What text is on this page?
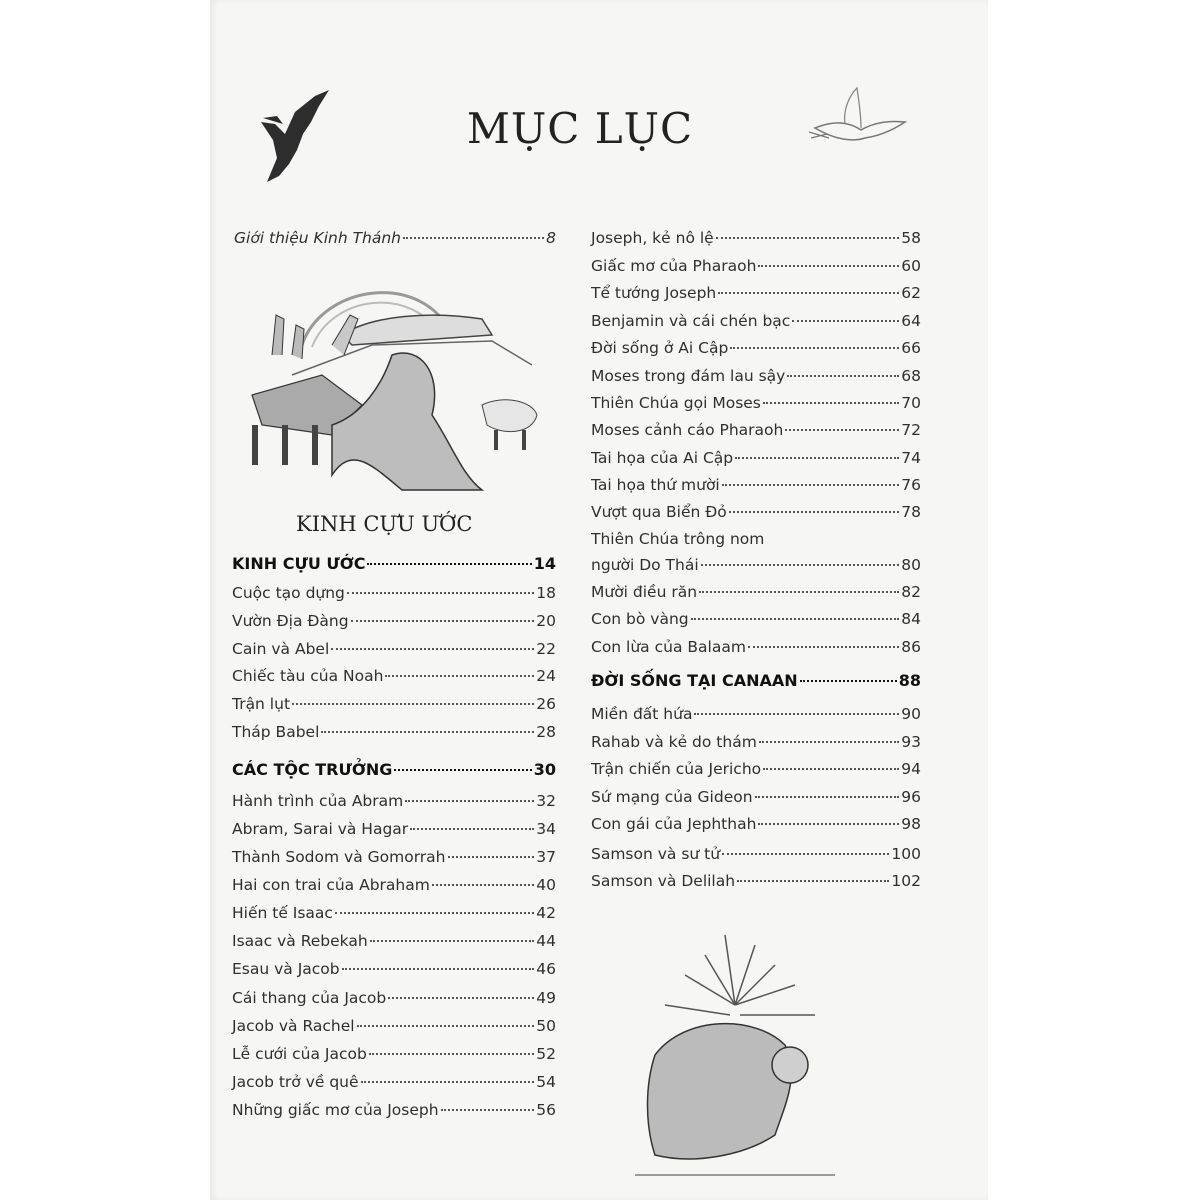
MỤC LỤC
KINH CỰU ƯỚC
Giới thiệu Kinh Thánh	8
KINH CỰU ƯỚC	14
Cuộc tạo dựng	18
Vườn Địa Đàng	20
Cain và Abel	22
Chiếc tàu của Noah	24
Trận lụt	26
Tháp Babel	28
CÁC TỘC TRƯỞNG	30
Hành trình của Abram	32
Abram, Sarai và Hagar	34
Thành Sodom và Gomorrah	37
Hai con trai của Abraham	40
Hiến tế Isaac	42
Isaac và Rebekah	44
Esau và Jacob	46
Cái thang của Jacob	49
Jacob và Rachel	50
Lễ cưới của Jacob	52
Jacob trở về quê	54
Những giấc mơ của Joseph	56
Joseph, kẻ nô lệ	58
Giấc mơ của Pharaoh	60
Tể tướng Joseph	62
Benjamin và cái chén bạc	64
Đời sống ở Ai Cập	66
Moses trong đám lau sậy	68
Thiên Chúa gọi Moses	70
Moses cảnh cáo Pharaoh	72
Tai họa của Ai Cập	74
Tai họa thứ mười	76
Vượt qua Biển Đỏ	78
Thiên Chúa trông nom
người Do Thái	80
Mười điều răn	82
Con bò vàng	84
Con lừa của Balaam	86
ĐỜI SỐNG TẠI CANAAN	88
Miền đất hứa	90
Rahab và kẻ do thám	93
Trận chiến của Jericho	94
Sứ mạng của Gideon	96
Con gái của Jephthah	98
Samson và sư tử	100
Samson và Delilah	102
